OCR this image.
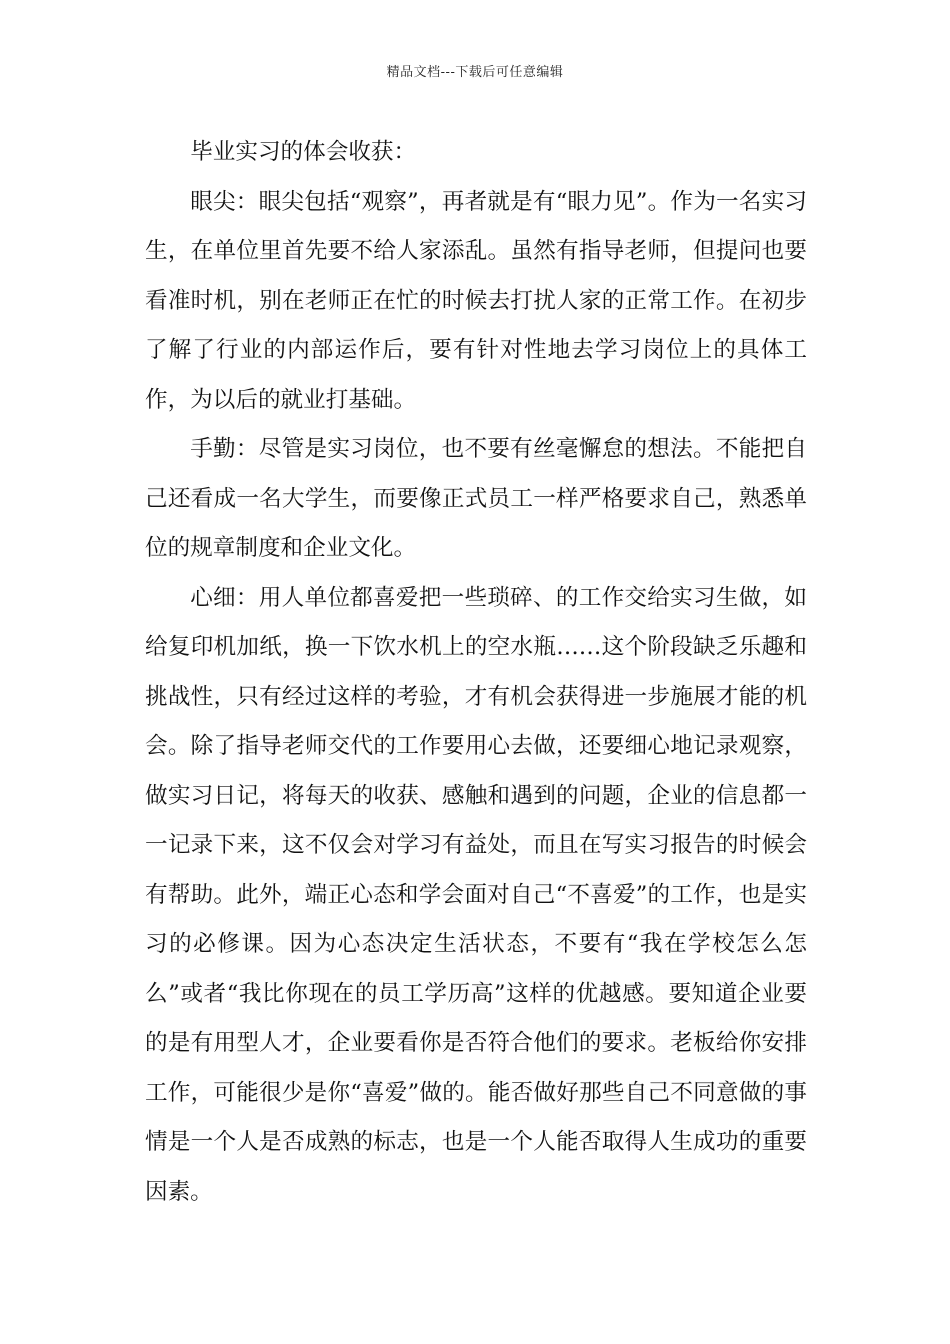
精品文档---下载后可任意编辑

毕业实习的体会收获：

眼尖：眼尖包括“观察”，再者就是有“眼力见”。作为一名实习生，在单位里首先要不给人家添乱。虽然有指导老师，但提问也要看准时机，别在老师正在忙的时候去打扰人家的正常工作。在初步了解了行业的内部运作后，要有针对性地去学习岗位上的具体工作，为以后的就业打基础。

手勤：尽管是实习岗位，也不要有丝毫懈怠的想法。不能把自己还看成一名大学生，而要像正式员工一样严格要求自己，熟悉单位的规章制度和企业文化。

心细：用人单位都喜爱把一些琐碎、的工作交给实习生做，如给复印机加纸，换一下饮水机上的空水瓶……这个阶段缺乏乐趣和挑战性，只有经过这样的考验，才有机会获得进一步施展才能的机会。除了指导老师交代的工作要用心去做，还要细心地记录观察，做实习日记，将每天的收获、感触和遇到的问题，企业的信息都一一记录下来，这不仅会对学习有益处，而且在写实习报告的时候会有帮助。此外，端正心态和学会面对自己“不喜爱”的工作，也是实习的必修课。因为心态决定生活状态，不要有“我在学校怎么怎么”或者“我比你现在的员工学历高”这样的优越感。要知道企业要的是有用型人才，企业要看你是否符合他们的要求。老板给你安排工作，可能很少是你“喜爱”做的。能否做好那些自己不同意做的事情是一个人是否成熟的标志，也是一个人能否取得人生成功的重要因素。
